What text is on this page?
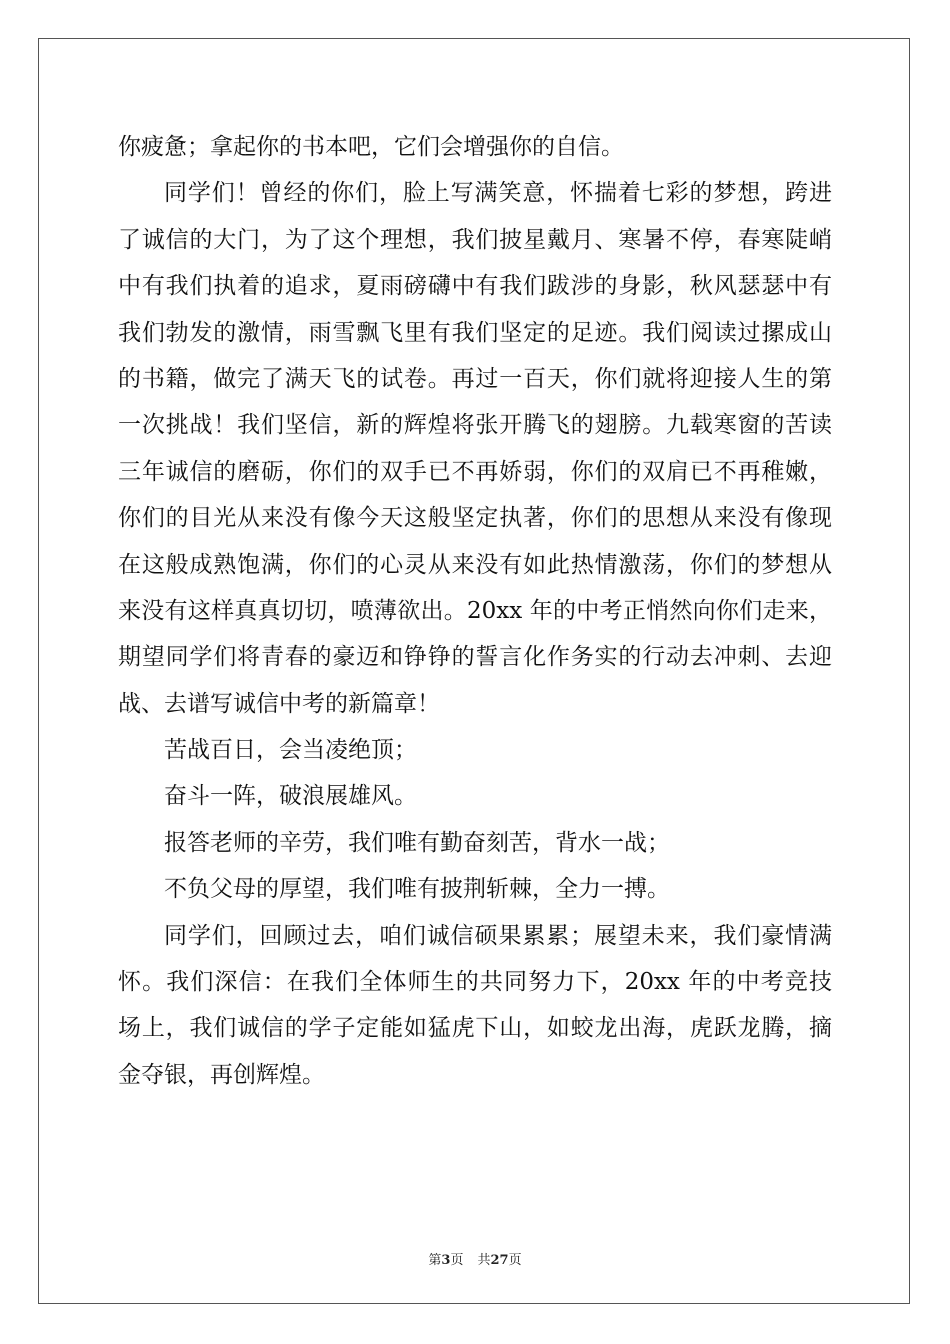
你疲惫；拿起你的书本吧，它们会增强你的自信。
同学们！曾经的你们，脸上写满笑意，怀揣着七彩的梦想，跨进
了诚信的大门，为了这个理想，我们披星戴月、寒暑不停，春寒陡峭
中有我们执着的追求，夏雨磅礴中有我们跋涉的身影，秋风瑟瑟中有
我们勃发的激情，雨雪飘飞里有我们坚定的足迹。我们阅读过摞成山
的书籍，做完了满天飞的试卷。再过一百天，你们就将迎接人生的第
一次挑战！我们坚信，新的辉煌将张开腾飞的翅膀。九载寒窗的苦读
三年诚信的磨砺，你们的双手已不再娇弱，你们的双肩已不再稚嫩，
你们的目光从来没有像今天这般坚定执著，你们的思想从来没有像现
在这般成熟饱满，你们的心灵从来没有如此热情激荡，你们的梦想从
来没有这样真真切切，喷薄欲出。20xx 年的中考正悄然向你们走来，
期望同学们将青春的豪迈和铮铮的誓言化作务实的行动去冲刺、去迎
战、去谱写诚信中考的新篇章！
苦战百日，会当凌绝顶；
奋斗一阵，破浪展雄风。
报答老师的辛劳，我们唯有勤奋刻苦，背水一战；
不负父母的厚望，我们唯有披荆斩棘，全力一搏。
同学们，回顾过去，咱们诚信硕果累累；展望未来，我们豪情满
怀。我们深信：在我们全体师生的共同努力下，20xx 年的中考竞技
场上，我们诚信的学子定能如猛虎下山，如蛟龙出海，虎跃龙腾，摘
金夺银，再创辉煌。
第3页 共27页
